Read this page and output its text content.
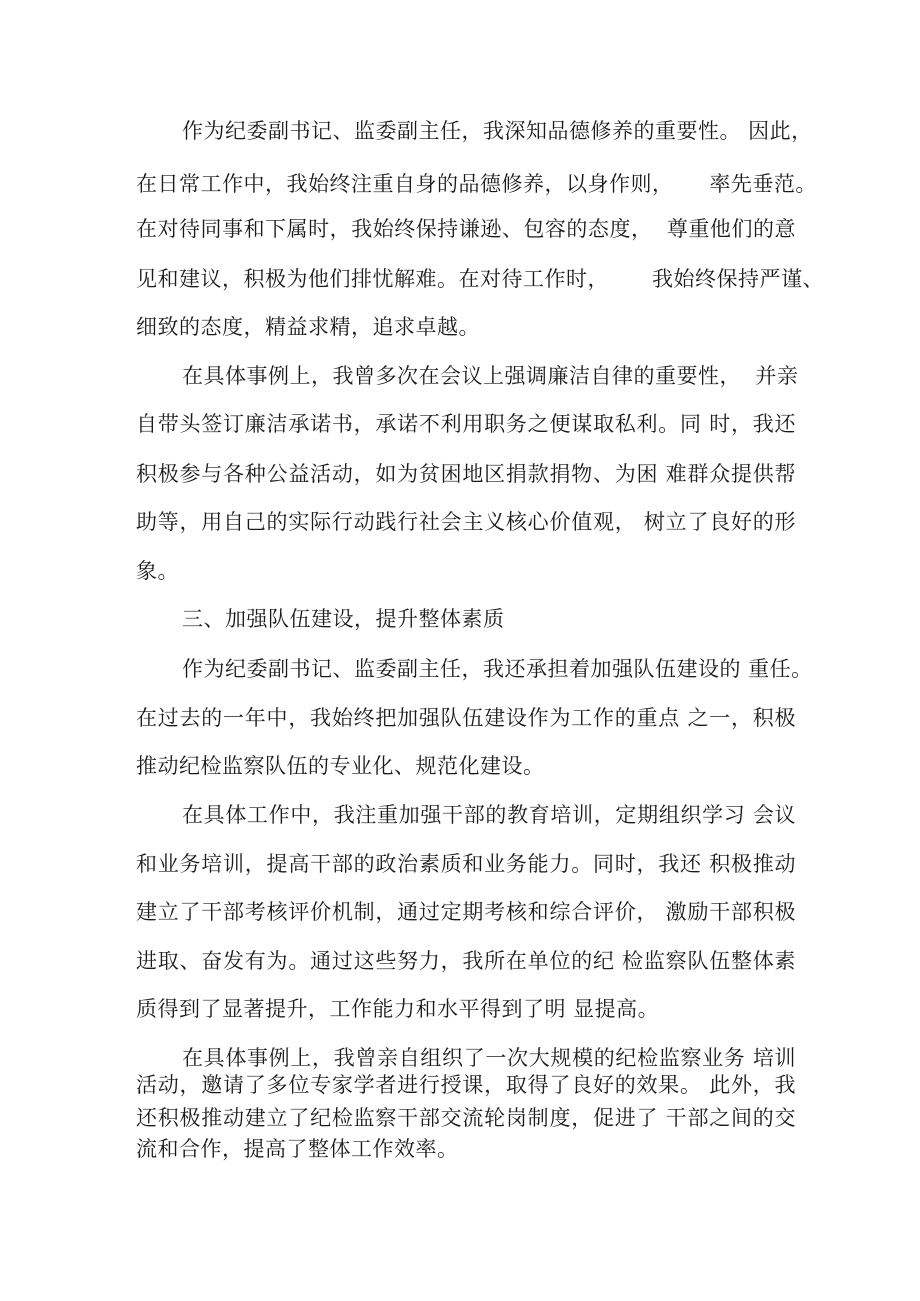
作为纪委副书记、监委副主任，我深知品德修养的重要性。 因此，
在日常工作中，我始终注重自身的品德修养，以身作则，     率先垂范。
在对待同事和下属时，我始终保持谦逊、包容的态度，  尊重他们的意
见和建议，积极为他们排忧解难。在对待工作时，      我始终保持严谨、
细致的态度，精益求精，追求卓越。
在具体事例上，我曾多次在会议上强调廉洁自律的重要性，  并亲
自带头签订廉洁承诺书，承诺不利用职务之便谋取私利。同 时，我还
积极参与各种公益活动，如为贫困地区捐款捐物、为困 难群众提供帮
助等，用自己的实际行动践行社会主义核心价值观， 树立了良好的形
象。
三、加强队伍建设，提升整体素质
作为纪委副书记、监委副主任，我还承担着加强队伍建设的 重任。
在过去的一年中，我始终把加强队伍建设作为工作的重点 之一，积极
推动纪检监察队伍的专业化、规范化建设。
在具体工作中，我注重加强干部的教育培训，定期组织学习 会议
和业务培训，提高干部的政治素质和业务能力。同时，我还 积极推动
建立了干部考核评价机制，通过定期考核和综合评价， 激励干部积极
进取、奋发有为。通过这些努力，我所在单位的纪 检监察队伍整体素
质得到了显著提升，工作能力和水平得到了明 显提高。
在具体事例上，我曾亲自组织了一次大规模的纪检监察业务 培训
活动，邀请了多位专家学者进行授课，取得了良好的效果。 此外，我
还积极推动建立了纪检监察干部交流轮岗制度，促进了 干部之间的交
流和合作，提高了整体工作效率。
